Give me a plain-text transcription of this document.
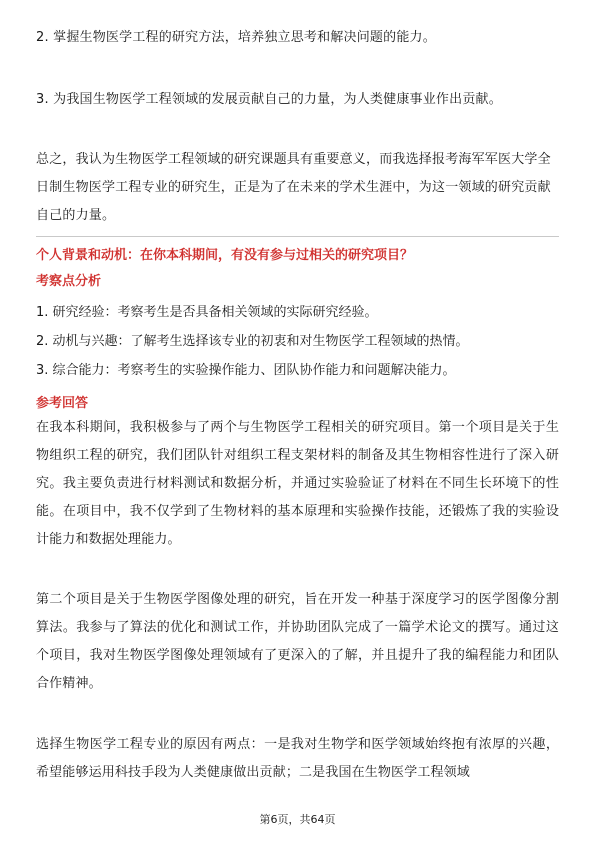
2. 掌握生物医学工程的研究方法，培养独立思考和解决问题的能力。

3. 为我国生物医学工程领域的发展贡献自己的力量，为人类健康事业作出贡献。

总之，我认为生物医学工程领域的研究课题具有重要意义，而我选择报考海军军医大学全日制生物医学工程专业的研究生，正是为了在未来的学术生涯中，为这一领域的研究贡献自己的力量。

个人背景和动机：在你本科期间，有没有参与过相关的研究项目？
考察点分析
1. 研究经验：考察考生是否具备相关领域的实际研究经验。
2. 动机与兴趣：了解考生选择该专业的初衷和对生物医学工程领域的热情。
3. 综合能力：考察考生的实验操作能力、团队协作能力和问题解决能力。
参考回答

在我本科期间，我积极参与了两个与生物医学工程相关的研究项目。第一个项目是关于生物组织工程的研究，我们团队针对组织工程支架材料的制备及其生物相容性进行了深入研究。我主要负责进行材料测试和数据分析，并通过实验验证了材料在不同生长环境下的性能。在项目中，我不仅学到了生物材料的基本原理和实验操作技能，还锻炼了我的实验设计能力和数据处理能力。

第二个项目是关于生物医学图像处理的研究，旨在开发一种基于深度学习的医学图像分割算法。我参与了算法的优化和测试工作，并协助团队完成了一篇学术论文的撰写。通过这个项目，我对生物医学图像处理领域有了更深入的了解，并且提升了我的编程能力和团队合作精神。

选择生物医学工程专业的原因有两点：一是我对生物学和医学领域始终抱有浓厚的兴趣，希望能够运用科技手段为人类健康做出贡献；二是我国在生物医学工程领域

第6页，共64页
